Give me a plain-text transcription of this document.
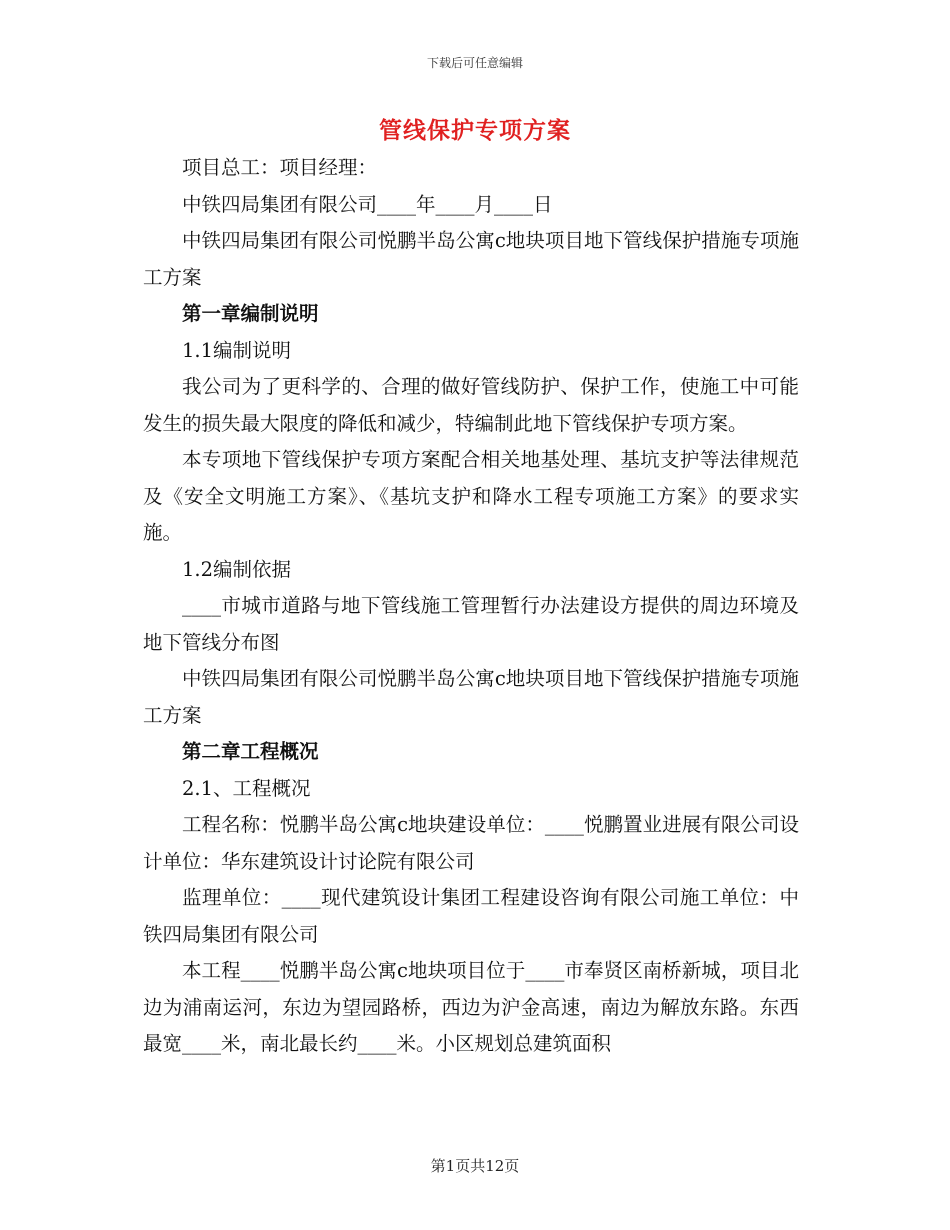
下载后可任意编辑
管线保护专项方案

项目总工：项目经理：

中铁四局集团有限公司____年____月____日

中铁四局集团有限公司悦鹏半岛公寓c地块项目地下管线保护措施专项施工方案

第一章编制说明

1.1编制说明

我公司为了更科学的、合理的做好管线防护、保护工作，使施工中可能发生的损失最大限度的降低和减少，特编制此地下管线保护专项方案。

本专项地下管线保护专项方案配合相关地基处理、基坑支护等法律规范及《安全文明施工方案》、《基坑支护和降水工程专项施工方案》的要求实施。

1.2编制依据

____市城市道路与地下管线施工管理暂行办法建设方提供的周边环境及地下管线分布图

中铁四局集团有限公司悦鹏半岛公寓c地块项目地下管线保护措施专项施工方案

第二章工程概况

2.1、工程概况

工程名称：悦鹏半岛公寓c地块建设单位：____悦鹏置业进展有限公司设计单位：华东建筑设计讨论院有限公司

监理单位：____现代建筑设计集团工程建设咨询有限公司施工单位：中铁四局集团有限公司

本工程____悦鹏半岛公寓c地块项目位于____市奉贤区南桥新城，项目北边为浦南运河，东边为望园路桥，西边为沪金高速，南边为解放东路。东西最宽____米，南北最长约____米。小区规划总建筑面积

第1页共12页
